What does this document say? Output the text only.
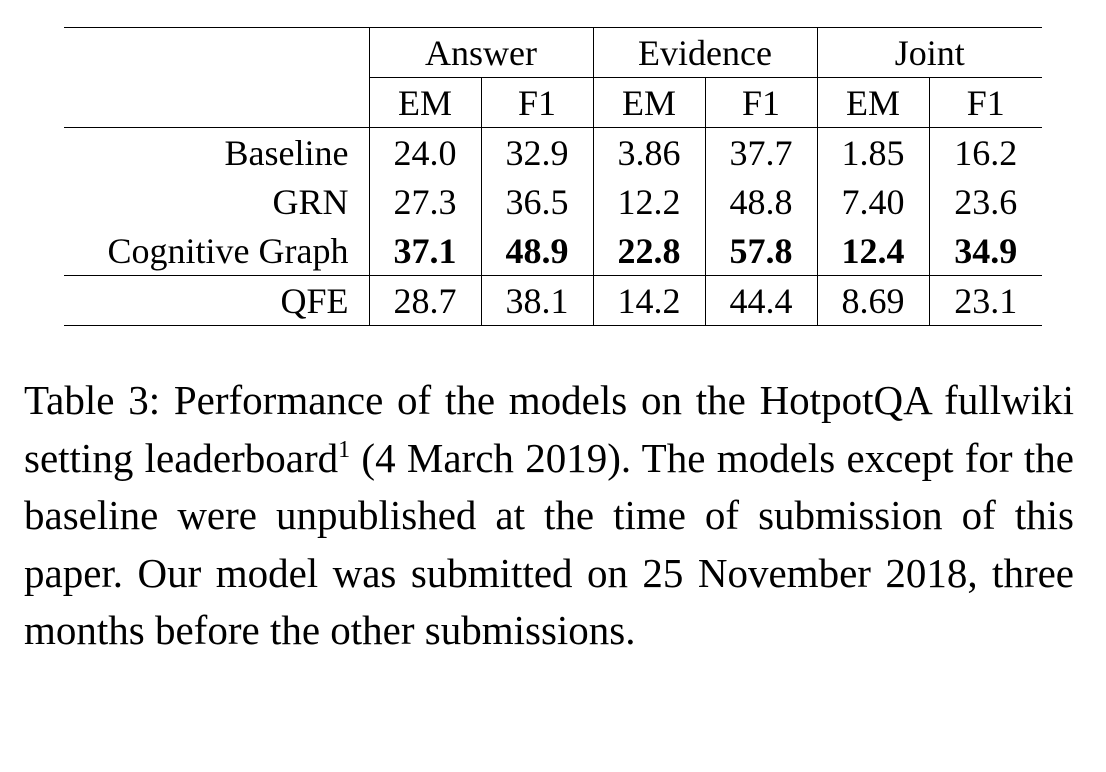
	Answer		Evidence		Joint	
	EM	F1	EM	F1	EM	F1
Baseline	24.0	32.9	3.86	37.7	1.85	16.2
GRN	27.3	36.5	12.2	48.8	7.40	23.6
Cognitive Graph	37.1	48.9	22.8	57.8	12.4	34.9
QFE	28.7	38.1	14.2	44.4	8.69	23.1

Table 3: Performance of the models on the HotpotQA fullwiki setting leaderboard$^1$ (4 March 2019). The models except for the baseline were unpublished at the time of submission of this paper. Our model was submitted on 25 November 2018, three months before the other submissions.
